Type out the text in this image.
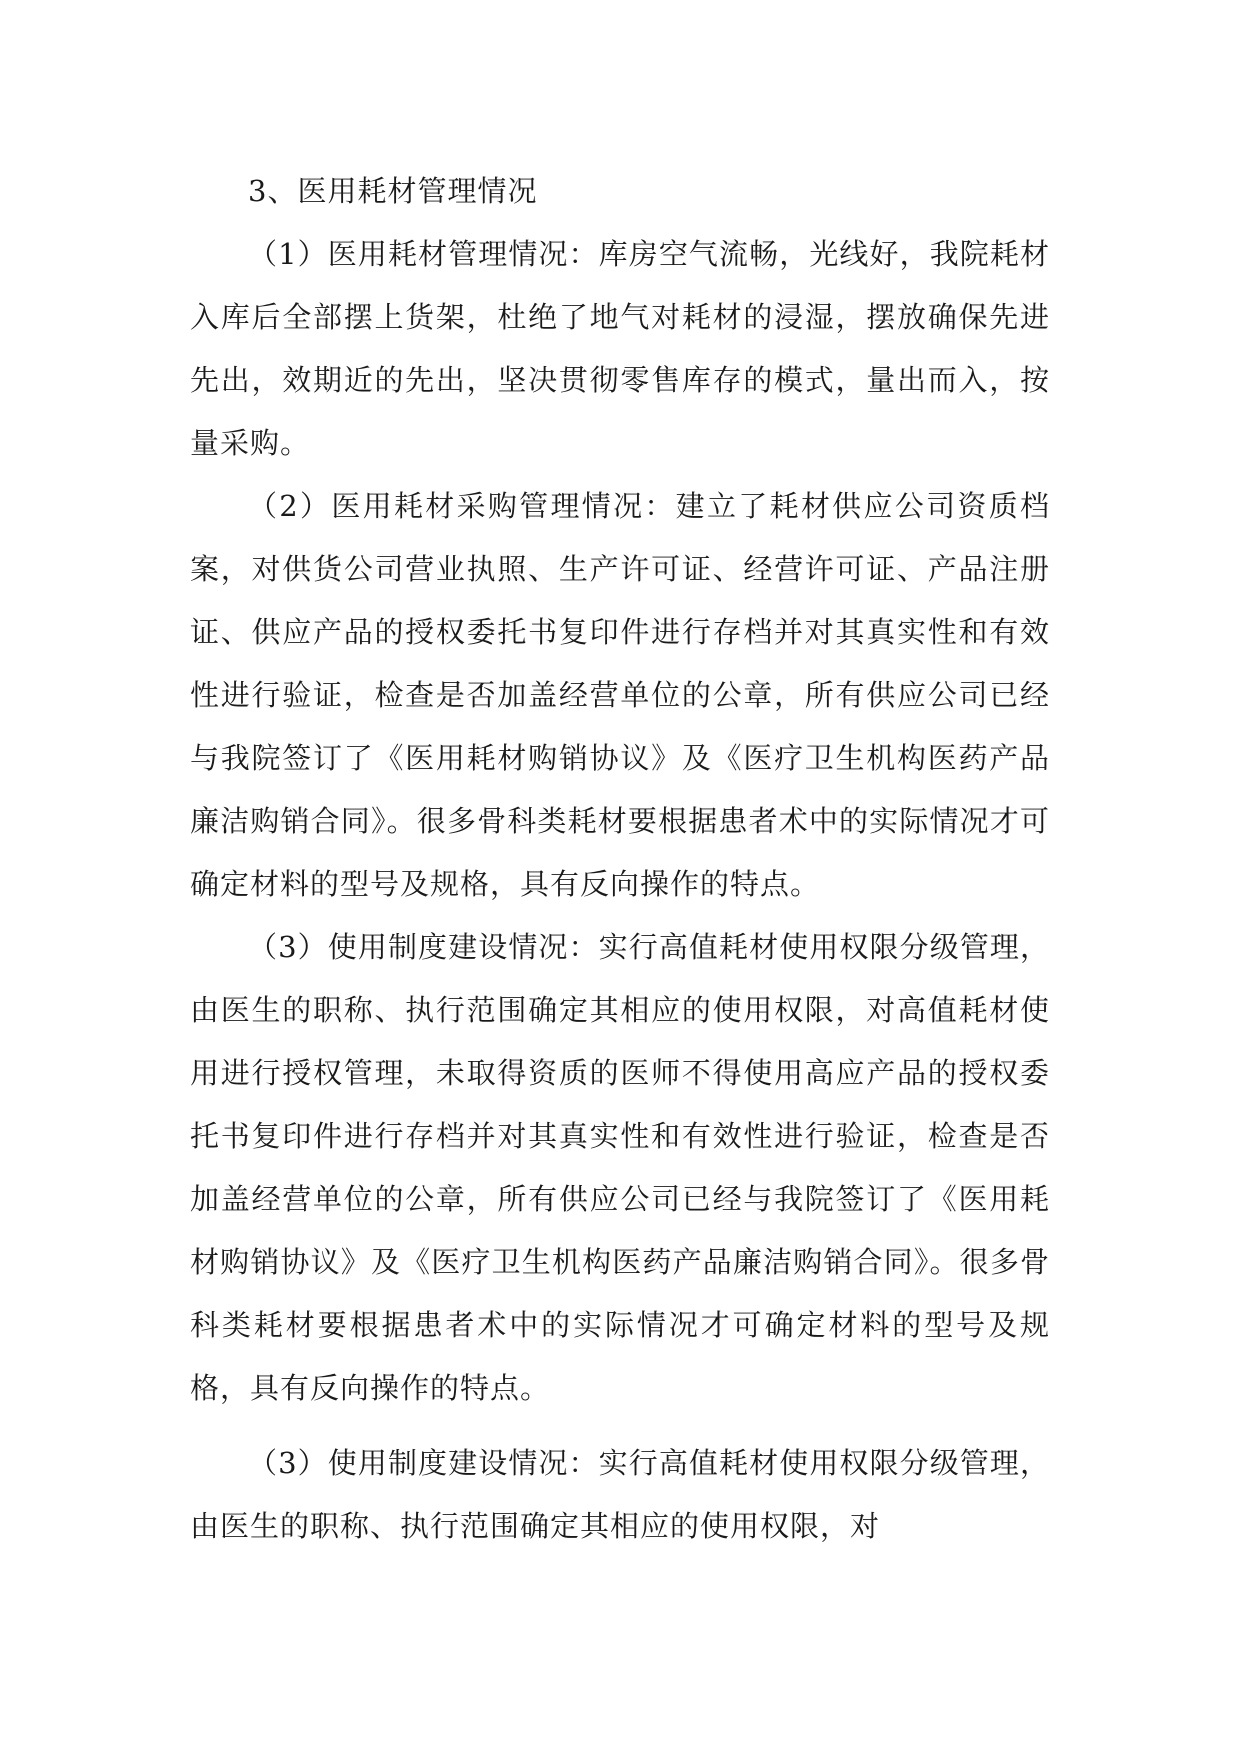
3、医用耗材管理情况

（1）医用耗材管理情况：库房空气流畅，光线好，我院耗材入库后全部摆上货架，杜绝了地气对耗材的浸湿，摆放确保先进先出，效期近的先出，坚决贯彻零售库存的模式，量出而入，按量采购。

（2）医用耗材采购管理情况：建立了耗材供应公司资质档案，对供货公司营业执照、生产许可证、经营许可证、产品注册证、供应产品的授权委托书复印件进行存档并对其真实性和有效性进行验证，检查是否加盖经营单位的公章，所有供应公司已经与我院签订了《医用耗材购销协议》及《医疗卫生机构医药产品廉洁购销合同》。很多骨科类耗材要根据患者术中的实际情况才可确定材料的型号及规格，具有反向操作的特点。

（3）使用制度建设情况：实行高值耗材使用权限分级管理，由医生的职称、执行范围确定其相应的使用权限，对高值耗材使用进行授权管理，未取得资质的医师不得使用高应产品的授权委托书复印件进行存档并对其真实性和有效性进行验证，检查是否加盖经营单位的公章，所有供应公司已经与我院签订了《医用耗材购销协议》及《医疗卫生机构医药产品廉洁购销合同》。很多骨科类耗材要根据患者术中的实际情况才可确定材料的型号及规格，具有反向操作的特点。

（3）使用制度建设情况：实行高值耗材使用权限分级管理，由医生的职称、执行范围确定其相应的使用权限，对
